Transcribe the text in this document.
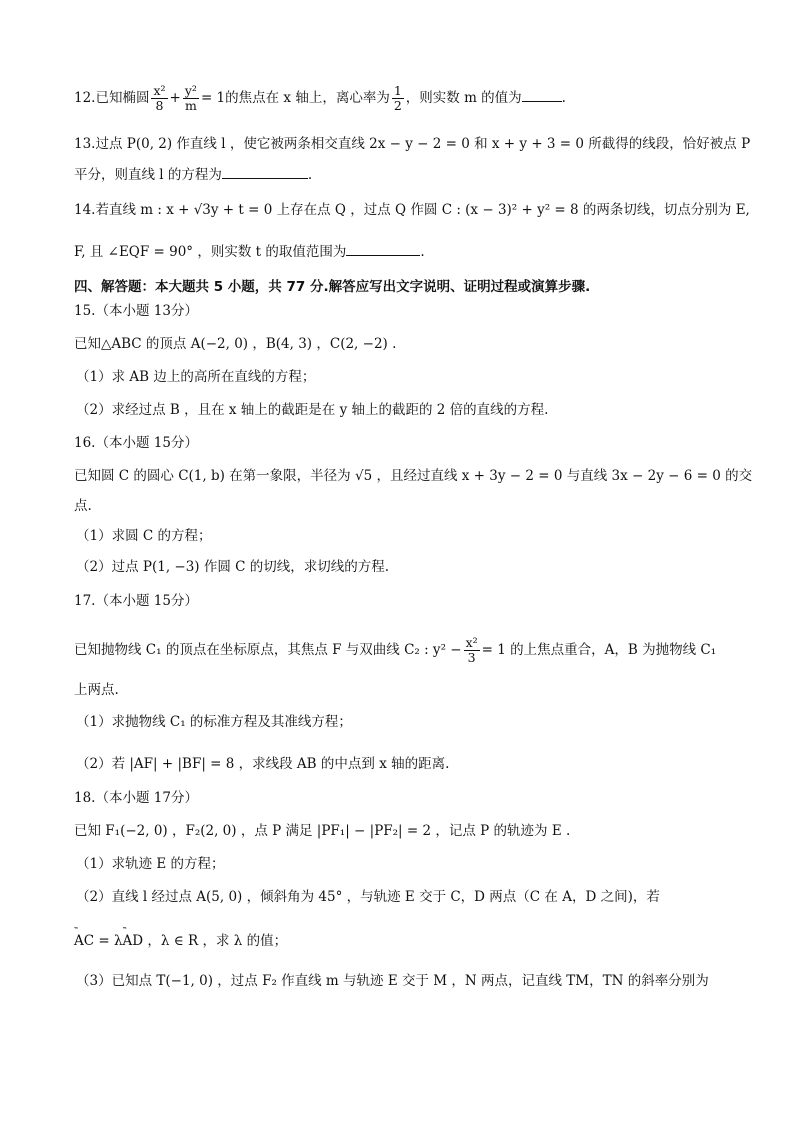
12.已知椭圆 $\frac{\text{x²}}{8} + \frac{\text{y²}}{m} = 1$的焦点在 x 轴上，离心率为 $\frac{1}{2}$ ，则实数 m 的值为	.
13.过点 P(0, 2) 作直线 l ，使它被两条相交直线 2x − y − 2 = 0 和 x + y + 3 = 0 所截得的线段，恰好被点 P
平分，则直线 l 的方程为	.
14.若直线 m : x + √3y + t = 0 上存在点 Q ，过点 Q 作圆 C : (x − 3)² + y² = 8 的两条切线，切点分别为 E,
F, 且 ∠EQF = 90° ，则实数 t 的取值范围为	.
四、解答题：本大题共 5 小题，共 77 分.解答应写出文字说明、证明过程或演算步骤.
15.（本小题 13分）
已知△ABC 的顶点 A(−2, 0) ，B(4, 3) ，C(2, −2) .
（1）求 AB 边上的高所在直线的方程；
（2）求经过点 B ，且在 x 轴上的截距是在 y 轴上的截距的 2 倍的直线的方程.
16.（本小题 15分）
已知圆 C 的圆心 C(1, b) 在第一象限，半径为 √5 ，且经过直线 x + 3y − 2 = 0 与直线 3x − 2y − 6 = 0 的交
点.
（1）求圆 C 的方程；
（2）过点 P(1, −3) 作圆 C 的切线，求切线的方程.
17.（本小题 15分）
已知抛物线 C₁ 的顶点在坐标原点，其焦点 F 与双曲线 C₂ : $y^2 - \frac{\text{x²}}{3} = 1$ 的上焦点重合，A，B 为抛物线 C₁
上两点.
（1）求抛物线 C₁ 的标准方程及其准线方程；
（2）若 |AF| + |BF| = 8 ，求线段 AB 的中点到 x 轴的距离.
18.（本小题 17分）
已知 F₁(−2, 0) ，F₂(2, 0) ，点 P 满足 |PF₁| − |PF₂| = 2 ，记点 P 的轨迹为 E .
（1）求轨迹 E 的方程；
（2）直线 l 经过点 A(5, 0) ，倾斜角为 45° ，与轨迹 E 交于 C，D 两点（C 在 A，D 之间)，若
‵‵‵ AC = λ‵‵‵ AD ，λ ∈ R ，求 λ 的值；
（3）已知点 T(−1, 0) ，过点 F₂ 作直线 m 与轨迹 E 交于 M ，N 两点，记直线 TM，TN 的斜率分别为
